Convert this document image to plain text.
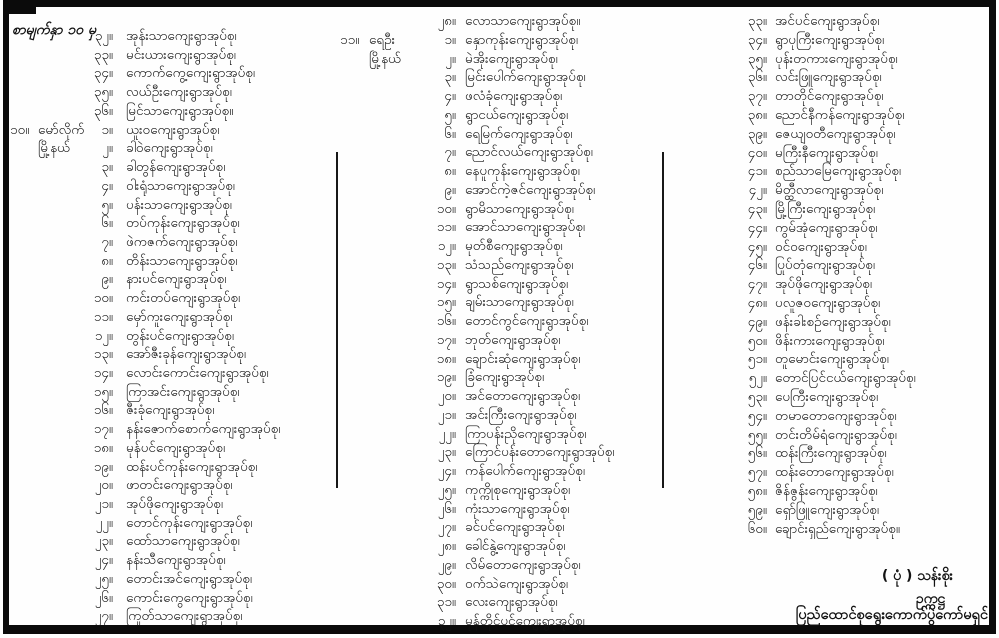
စာမျက်နှာ ၁၀ မှ
၃၂။ အုန်းသာကျေးရွာအုပ်စု၊
၃၃။ မင်းယားကျေးရွာအုပ်စု၊
၃၄။ ကောက်ကွေ့ကျေးရွာအုပ်စု၊
၃၅။ လယ်ဦးကျေးရွာအုပ်စု၊
၃၆။ မြင်သာကျေးရွာအုပ်စု။
၁၀။ မော်လိုက်	၁။ ယူးဝကျေးရွာအုပ်စု၊
မြို့နယ်	၂။ ခါဝဲကျေးရွာအုပ်စု၊
၃။ ခါတွန်ကျေးရွာအုပ်စု၊
၄။ ဝါးရုံသာကျေးရွာအုပ်စု၊
၅။ ပန်းသာကျေးရွာအုပ်စု၊
၆။ တပ်ကုန်းကျေးရွာအုပ်စု၊
၇။ ဖဲကဇက်ကျေးရွာအုပ်စု၊
၈။ တိန်းသာကျေးရွာအုပ်စု၊
၉။ နားပင်ကျေးရွာအုပ်စု၊
၁၀။ ကင်းတပ်ကျေးရွာအုပ်စု၊
၁၁။ မှော်ကူးကျေးရွာအုပ်စု၊
၁၂။ တွန်းပင်ကျေးရွာအုပ်စု၊
၁၃။ အော်ဇီးခုန်ကျေးရွာအုပ်စု၊
၁၄။ လောင်းကောင်းကျေးရွာအုပ်စု၊
၁၅။ ကြာအင်းကျေးရွာအုပ်စု၊
၁၆။ ဇီးခုံကျေးရွာအုပ်စု၊
၁၇။ နန်းဇောက်စောက်ကျေးရွာအုပ်စု၊
၁၈။ မုန်ပင်ကျေးရွာအုပ်စု၊
၁၉။ ထန်းပင်ကုန်းကျေးရွာအုပ်စု၊
၂၀။ ဖာတင်းကျေးရွာအုပ်စု၊
၂၁။ အုပ်ဖိုကျေးရွာအုပ်စု၊
၂၂။ တောင်ကုန်းကျေးရွာအုပ်စု၊
၂၃။ ထော်သာကျေးရွာအုပ်စု၊
၂၄။ နန်းသီကျေးရွာအုပ်စု၊
၂၅။ တောင်းအင်ကျေးရွာအုပ်စု၊
၂၆။ ကောင်းကွေကျေးရွာအုပ်စု၊
၂၇။ ကြုတ်သာကျေးရွာအုပ်စု၊
၂၈။ လောသာကျေးရွာအုပ်စု။
၁၁။ ရေဦး	၁။ နှောကုန်းကျေးရွာအုပ်စု၊
မြို့နယ်	၂။ မဲအိုးကျေးရွာအုပ်စု၊
၃။ မြင်းပေါက်ကျေးရွာအုပ်စု၊
၄။ ဖလံခုံကျေးရွာအုပ်စု၊
၅။ ရွာငယ်ကျေးရွာအုပ်စု၊
၆။ ရေမြက်ကျေးရွာအုပ်စု၊
၇။ ညောင်လယ်ကျေးရွာအုပ်စု၊
၈။ နေပူကုန်းကျေးရွာအုပ်စု၊
၉။ အောင်ကဲ့ဇင်ကျေးရွာအုပ်စု၊
၁၀။ ရွာမိသာကျေးရွာအုပ်စု၊
၁၁။ အောင်သာကျေးရွာအုပ်စု၊
၁၂။ မုတ်စီကျေးရွာအုပ်စု၊
၁၃။ သံသည်ကျေးရွာအုပ်စု၊
၁၄။ ရွာသစ်ကျေးရွာအုပ်စု၊
၁၅။ ချမ်းသာကျေးရွာအုပ်စု၊
၁၆။ တောင်ကွင်ကျေးရွာအုပ်စု၊
၁၇။ ဘုတ်ကျေးရွာအုပ်စု၊
၁၈။ ချောင်းဆုံကျေးရွာအုပ်စု၊
၁၉။ ခြံကျေးရွာအုပ်စု၊
၂၀။ အင်တောကျေးရွာအုပ်စု၊
၂၁။ အင်းကြီးကျေးရွာအုပ်စု၊
၂၂။ ကြာပန်းညိုကျေးရွာအုပ်စု၊
၂၃။ ကြောင်ပန်းတောကျေးရွာအုပ်စု၊
၂၄။ ကန်ပေါက်ကျေးရွာအုပ်စု၊
၂၅။ ကုက္ကိုစုကျေးရွာအုပ်စု၊
၂၆။ ကုံးသာကျေးရွာအုပ်စု၊
၂၇။ ခင်ပင်ကျေးရွာအုပ်စု၊
၂၈။ ခေါင်နွဲ့ကျေးရွာအုပ်စု၊
၂၉။ လိမ်တောကျေးရွာအုပ်စု၊
၃၀။ ဝက်သဲကျေးရွာအုပ်စု၊
၃၁။ လေးကျေးရွာအုပ်စု၊
၃၂။ မုန်တိုင်ပင်ကျေးရွာအုပ်စု၊
၃၃။ အင်ပင်ကျေးရွာအုပ်စု၊
၃၄။ ရွာပုကြီးကျေးရွာအုပ်စု၊
၃၅။ ပုန်းတကားကျေးရွာအုပ်စု၊
၃၆။ လင်းဖြူကျေးရွာအုပ်စု၊
၃၇။ တာတိုင်ကျေးရွာအုပ်စု၊
၃၈။ ညောင်နီကန်ကျေးရွာအုပ်စု၊
၃၉။ ဇေယျဝတီကျေးရွာအုပ်စု၊
၄၀။ မကြီးနီကျေးရွာအုပ်စု၊
၄၁။ စည်သာမြေကျေးရွာအုပ်စု၊
၄၂။ မိတ္ထီလာကျေးရွာအုပ်စု၊
၄၃။ မြို့ကြီးကျေးရွာအုပ်စု၊
၄၄။ ကွမ်အုံကျေးရွာအုပ်စု၊
၄၅။ ဝင်ဝကျေးရွာအုပ်စု၊
၄၆။ ပြုပ်တုံကျေးရွာအုပ်စု၊
၄၇။ အုပ်ဖိုကျေးရွာအုပ်စု၊
၄၈။ ပလူဇဝကျေးရွာအုပ်စု၊
၄၉။ ဖန်းခါးစဉ်ကျေးရွာအုပ်စု၊
၅၀။ ဖိန်းကားကျေးရွာအုပ်စု၊
၅၁။ တူမောင်းကျေးရွာအုပ်စု၊
၅၂။ တောင်ပြင်ငယ်ကျေးရွာအုပ်စု၊
၅၃။ ပေကြီးကျေးရွာအုပ်စု၊
၅၄။ တမာတောကျေးရွာအုပ်စု၊
၅၅။ တင်းတိမ်ရံကျေးရွာအုပ်စု၊
၅၆။ ထန်းကြီးကျေးရွာအုပ်စု၊
၅၇။ ထန်းတောကျေးရွာအုပ်စု၊
၅၈။ ဇိန်ဇွန်းကျေးရွာအုပ်စု၊
၅၉။ ရှော်ဖြူကျေးရွာအုပ်စု၊
၆၀။ ချောင်းရှည်ကျေးရွာအုပ်စု။
( ပုံ ) သန်းစိုး
ဥက္ကဋ္ဌ
ပြည်ထောင်စုရွေးကောက်ပွဲကော်မရှင်
